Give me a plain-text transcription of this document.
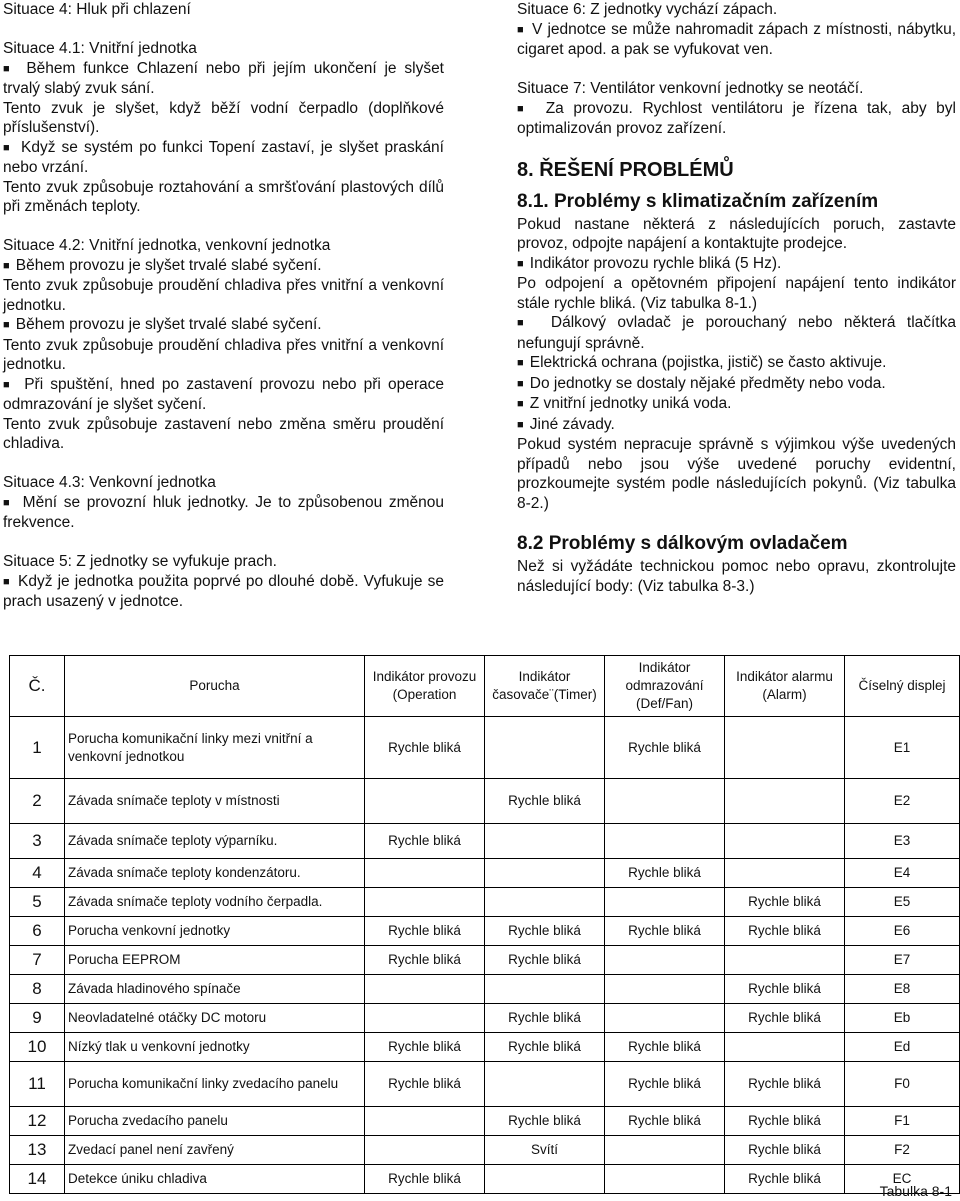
Situace 4: Hluk při chlazení

Situace 4.1: Vnitřní jednotka

■  Během funkce Chlazení nebo při jejím ukončení je slyšet trvalý slabý zvuk sání.

Tento zvuk je slyšet, když běží vodní čerpadlo (doplňkové příslušenství).

■  Když se systém po funkci Topení zastaví, je slyšet praskání nebo vrzání.

Tento zvuk způsobuje roztahování a smršťování plastových dílů při změnách teploty.

Situace 4.2: Vnitřní jednotka, venkovní jednotka

■  Během provozu je slyšet trvalé slabé syčení.

Tento zvuk způsobuje proudění chladiva přes vnitřní a venkovní jednotku.

■  Během provozu je slyšet trvalé slabé syčení.

Tento zvuk způsobuje proudění chladiva přes vnitřní a venkovní jednotku.

■  Při spuštění, hned po zastavení provozu nebo při operace odmrazování je slyšet syčení.

Tento zvuk způsobuje zastavení nebo změna směru proudění chladiva.

Situace 4.3: Venkovní jednotka

■  Mění se provozní hluk jednotky. Je to způsobenou změnou frekvence.

Situace 5: Z jednotky se vyfukuje prach.

■  Když je jednotka použita poprvé po dlouhé době. Vyfukuje se prach usazený v jednotce.

Situace 6: Z jednotky vychází zápach.

■  V jednotce se může nahromadit zápach z místnosti, nábytku, cigaret apod. a pak se vyfukovat ven.

Situace 7: Ventilátor venkovní jednotky se neotáčí.

■  Za provozu. Rychlost ventilátoru je řízena tak, aby byl optimalizován provoz zařízení.

8. ŘEŠENÍ PROBLÉMŮ

8.1. Problémy s klimatizačním zařízením

Pokud nastane některá z následujících poruch, zastavte provoz, odpojte napájení a kontaktujte prodejce.

■  Indikátor provozu rychle bliká (5 Hz).

Po odpojení a opětovném připojení napájení tento indikátor stále rychle bliká. (Viz tabulka 8-1.)

■  Dálkový ovladač je porouchaný nebo některá tlačítka nefungují správně.

■  Elektrická ochrana (pojistka, jistič) se často aktivuje.

■  Do jednotky se dostaly nějaké předměty nebo voda.

■  Z vnitřní jednotky uniká voda.

■  Jiné závady.

Pokud systém nepracuje správně s výjimkou výše uvedených případů nebo jsou výše uvedené poruchy evidentní, prozkoumejte systém podle následujících pokynů. (Viz tabulka 8-2.)

8.2 Problémy s dálkovým ovladačem

Než si vyžádáte technickou pomoc nebo opravu, zkontrolujte následující body: (Viz tabulka 8-3.)

Č.	Porucha	Indikátor provozu (Operation	Indikátor časovače¨(Timer)	Indikátor odmrazování (Def/Fan)	Indikátor alarmu (Alarm)	Číselný displej
1	Porucha komunikační linky mezi vnitřní a venkovní jednotkou	Rychle bliká		Rychle bliká		E1
2	Závada snímače teploty v místnosti		Rychle bliká			E2
3	Závada snímače teploty výparníku.	Rychle bliká				E3
4	Závada snímače teploty kondenzátoru.			Rychle bliká		E4
5	Závada snímače teploty vodního čerpadla.				Rychle bliká	E5
6	Porucha venkovní jednotky	Rychle bliká	Rychle bliká	Rychle bliká	Rychle bliká	E6
7	Porucha EEPROM	Rychle bliká	Rychle bliká			E7
8	Závada hladinového spínače				Rychle bliká	E8
9	Neovladatelné otáčky DC motoru		Rychle bliká		Rychle bliká	Eb
10	Nízký tlak u venkovní jednotky	Rychle bliká	Rychle bliká	Rychle bliká		Ed
11	Porucha komunikační linky zvedacího panelu	Rychle bliká		Rychle bliká	Rychle bliká	F0
12	Porucha zvedacího panelu		Rychle bliká	Rychle bliká	Rychle bliká	F1
13	Zvedací panel není zavřený		Svítí		Rychle bliká	F2
14	Detekce úniku chladiva	Rychle bliká			Rychle bliká	EC
Tabulka 8-1
